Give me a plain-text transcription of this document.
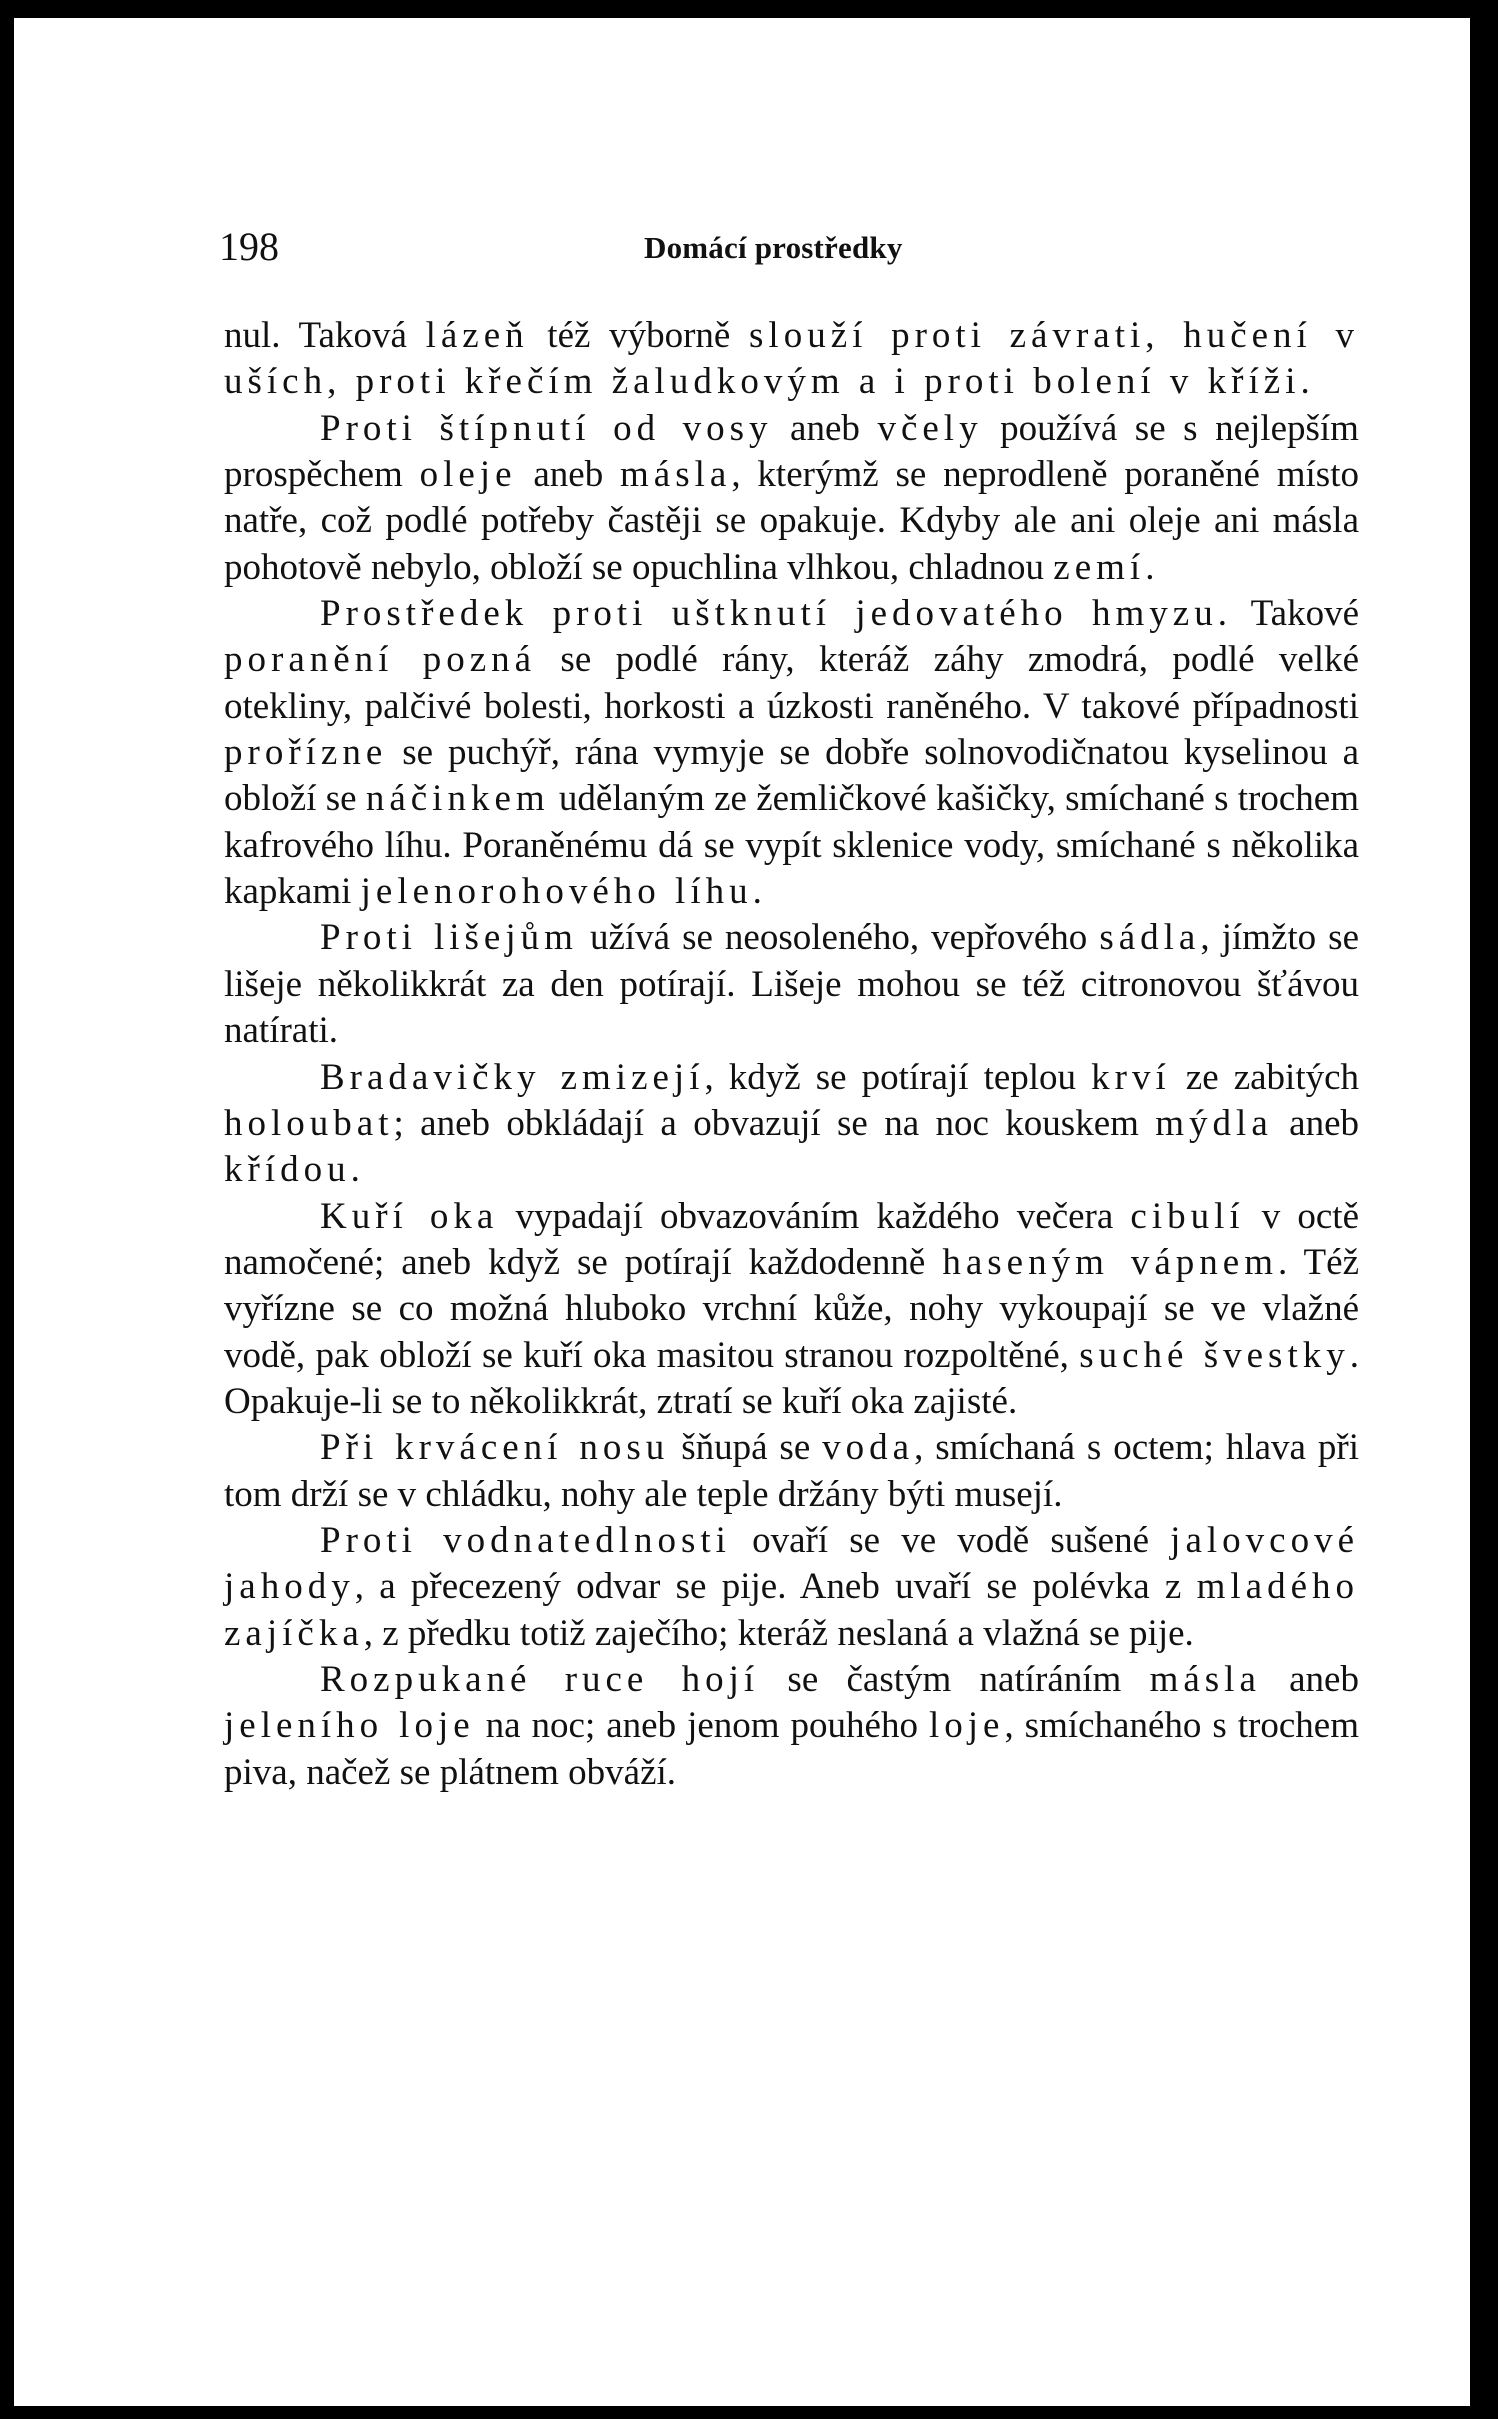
198	Domácí prostředky

nul. Taková lázeň též výborně slouží proti závrati, hučení v uších, proti křečím žaludkovým a i proti bolení v kříži.

Proti štípnutí od vosy aneb včely používá se s nejlepším prospěchem oleje aneb másla, kterýmž se neprodleně poraněné místo natře, což podlé potřeby častěji se opakuje. Kdyby ale ani oleje ani másla pohotově nebylo, obloží se opuchlina vlhkou, chladnou zemí.

Prostředek proti uštknutí jedovatého hmyzu. Takové poranění pozná se podlé rány, kteráž záhy zmodrá, podlé velké otekliny, palčivé bolesti, horkosti a úzkosti raněného. V takové případnosti prořízne se puchýř, rána vymyje se dobře solnovodičnatou kyselinou a obloží se náčinkem udělaným ze žemličkové kašičky, smíchané s trochem kafrového líhu. Poraněnému dá se vypít sklenice vody, smíchané s několika kapkami jelenorohového líhu.

Proti lišejům užívá se neosoleného, vepřového sádla, jímžto se lišeje několikkrát za den potírají. Lišeje mohou se též citronovou šťávou natírati.

Bradavičky zmizejí, když se potírají teplou krví ze zabitých holoubat; aneb obkládají a obvazují se na noc kouskem mýdla aneb křídou.

Kuří oka vypadají obvazováním každého večera cibulí v octě namočené; aneb když se potírají každodenně haseným vápnem. Též vyřízne se co možná hluboko vrchní kůže, nohy vykoupají se ve vlažné vodě, pak obloží se kuří oka masitou stranou rozpoltěné, suché švestky. Opakuje-li se to několikkrát, ztratí se kuří oka zajisté.

Při krvácení nosu šňupá se voda, smíchaná s octem; hlava při tom drží se v chládku, nohy ale teple držány býti musejí.

Proti vodnatedlnosti ovaří se ve vodě sušené jalovcové jahody, a přecezený odvar se pije. Aneb uvaří se polévka z mladého zajíčka, z předku totiž zaječího; kteráž neslaná a vlažná se pije.

Rozpukané ruce hojí se častým natíráním másla aneb jeleního loje na noc; aneb jenom pouhého loje, smíchaného s trochem piva, načež se plátnem obváží.
